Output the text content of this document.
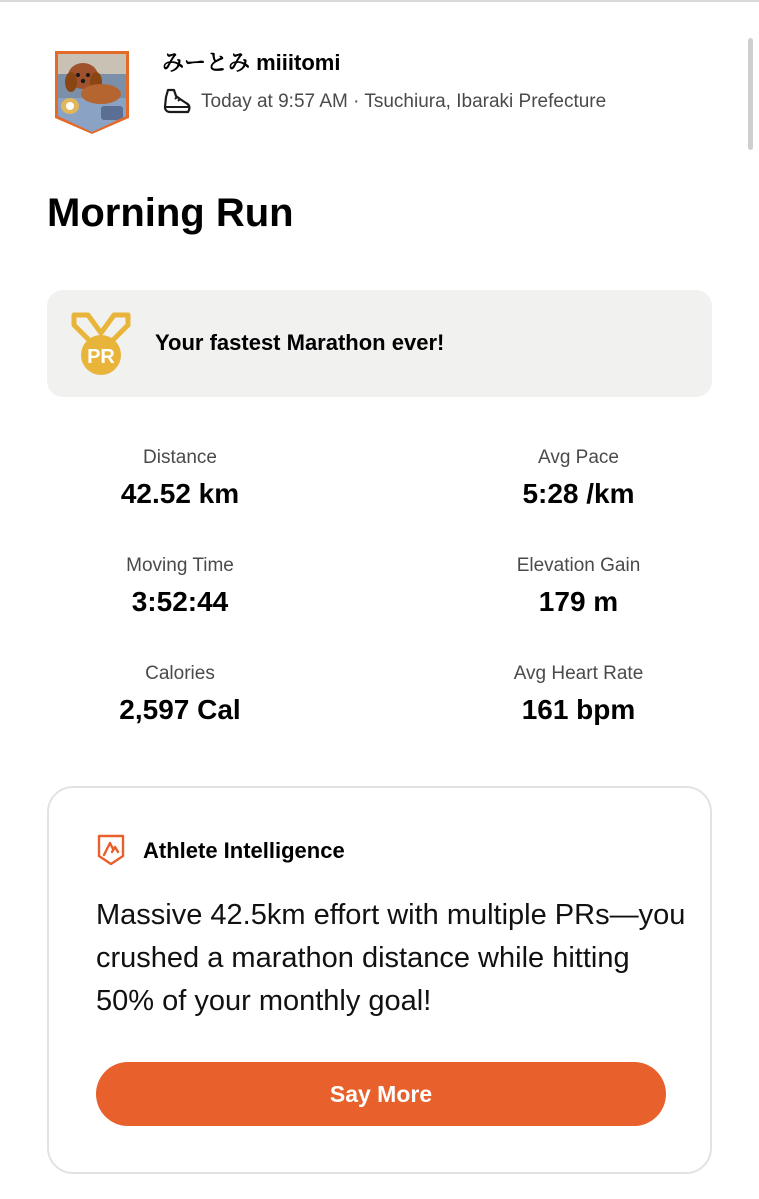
みーとみ miiitomi
Today at 9:57 AM · Tsuchiura, Ibaraki Prefecture
Morning Run
PR
Your fastest Marathon ever!
Distance
42.52 km
Avg Pace
5:28 /km
Moving Time
3:52:44
Elevation Gain
179 m
Calories
2,597 Cal
Avg Heart Rate
161 bpm
Athlete Intelligence
Massive 42.5km effort with multiple PRs—you crushed a marathon distance while hitting 50% of your monthly goal!
Say More
